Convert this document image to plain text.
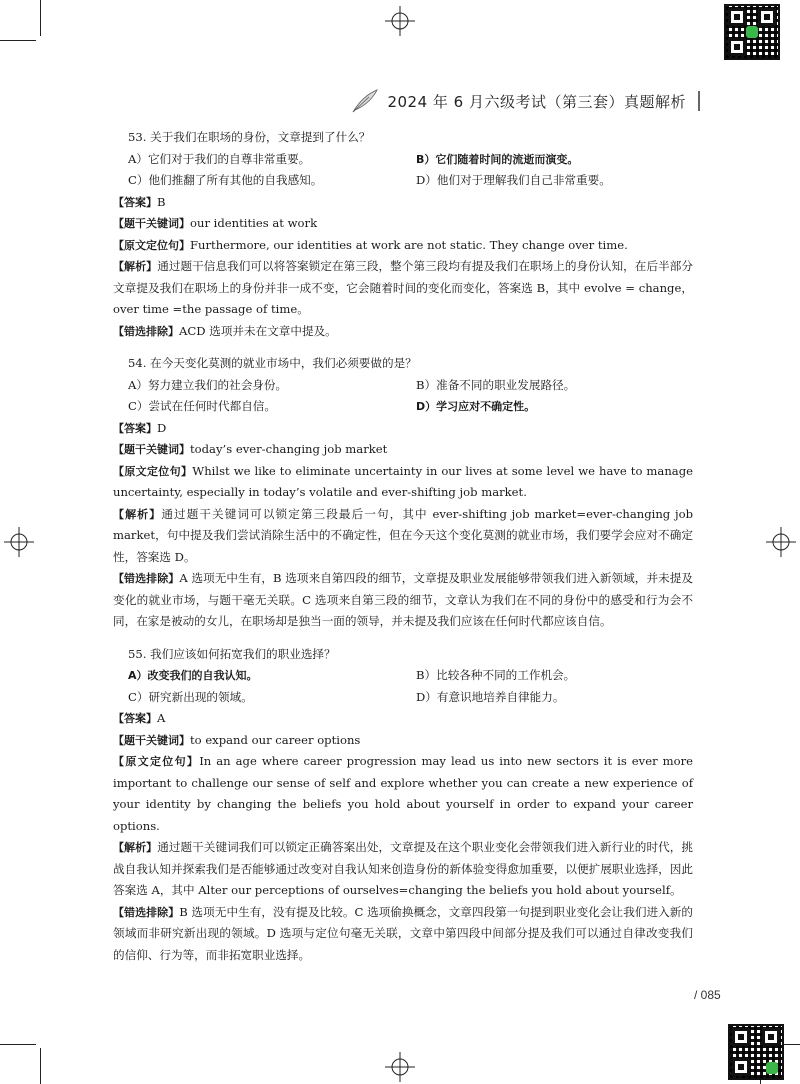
2024 年 6 月六级考试（第三套）真题解析

53. 关于我们在职场的身份，文章提到了什么？

A）它们对于我们的自尊非常重要。	B）它们随着时间的流逝而演变。
C）他们推翻了所有其他的自我感知。	D）他们对于理解我们自己非常重要。

【答案】B

【题干关键词】our identities at work

【原文定位句】Furthermore, our identities at work are not static. They change over time.

【解析】通过题干信息我们可以将答案锁定在第三段，整个第三段均有提及我们在职场上的身份认知，在后半部分文章提及我们在职场上的身份并非一成不变，它会随着时间的变化而变化，答案选 B，其中 evolve = change，over time =the passage of time。

【错选排除】ACD 选项并未在文章中提及。

54. 在今天变化莫测的就业市场中，我们必须要做的是？

A）努力建立我们的社会身份。	B）准备不同的职业发展路径。
C）尝试在任何时代都自信。	D）学习应对不确定性。

【答案】D

【题干关键词】today’s ever-changing job market

【原文定位句】Whilst we like to eliminate uncertainty in our lives at some level we have to manage uncertainty, especially in today’s volatile and ever-shifting job market.

【解析】通过题干关键词可以锁定第三段最后一句，其中 ever-shifting job market=ever-changing job market，句中提及我们尝试消除生活中的不确定性，但在今天这个变化莫测的就业市场，我们要学会应对不确定性，答案选 D。

【错选排除】A 选项无中生有，B 选项来自第四段的细节，文章提及职业发展能够带领我们进入新领域，并未提及变化的就业市场，与题干毫无关联。C 选项来自第三段的细节，文章认为我们在不同的身份中的感受和行为会不同，在家是被动的女儿，在职场却是独当一面的领导，并未提及我们应该在任何时代都应该自信。

55. 我们应该如何拓宽我们的职业选择？

A）改变我们的自我认知。	B）比较各种不同的工作机会。
C）研究新出现的领域。	D）有意识地培养自律能力。

【答案】A

【题干关键词】to expand our career options

【原文定位句】In an age where career progression may lead us into new sectors it is ever more important to challenge our sense of self and explore whether you can create a new experience of your identity by changing the beliefs you hold about yourself in order to expand your career options.

【解析】通过题干关键词我们可以锁定正确答案出处，文章提及在这个职业变化会带领我们进入新行业的时代，挑战自我认知并探索我们是否能够通过改变对自我认知来创造身份的新体验变得愈加重要，以便扩展职业选择，因此答案选 A，其中 Alter our perceptions of ourselves=changing the beliefs you hold about yourself。

【错选排除】B 选项无中生有，没有提及比较。C 选项偷换概念，文章四段第一句提到职业变化会让我们进入新的领域而非研究新出现的领域。D 选项与定位句毫无关联，文章中第四段中间部分提及我们可以通过自律改变我们的信仰、行为等，而非拓宽职业选择。

/ 085
